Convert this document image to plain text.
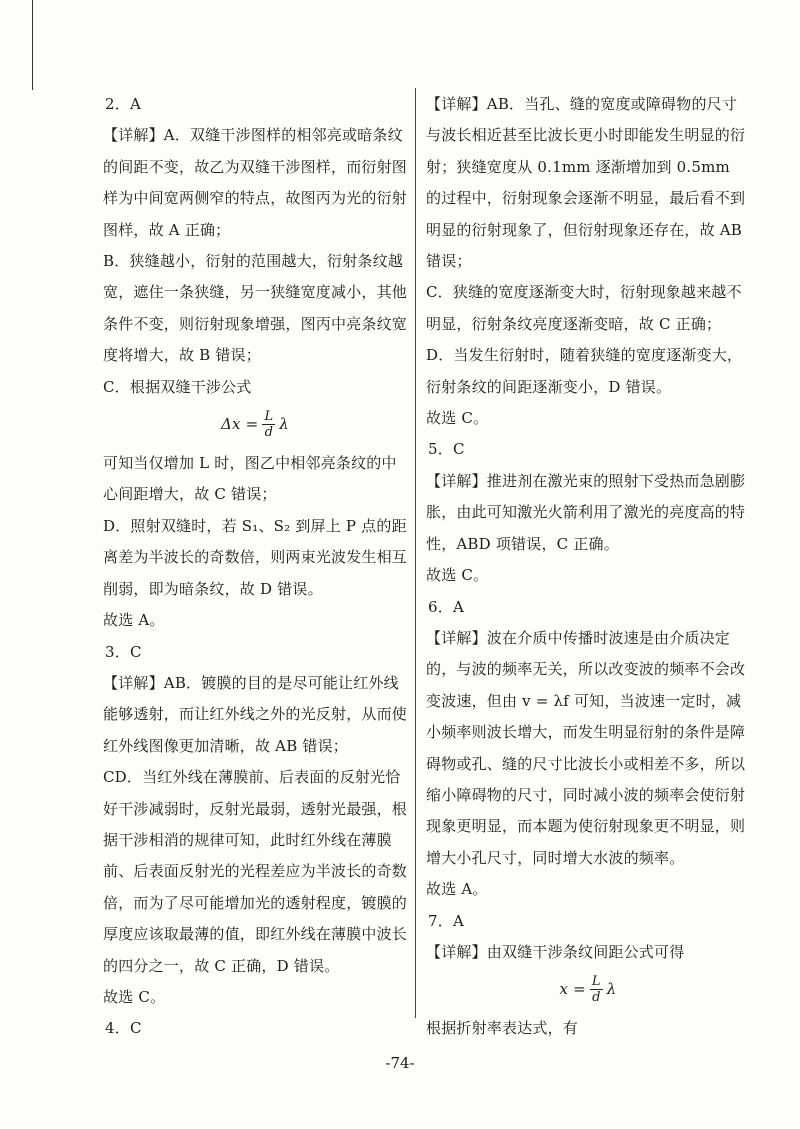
2．A

【详解】A．双缝干涉图样的相邻亮或暗条纹的间距不变，故乙为双缝干涉图样，而衍射图样为中间宽两侧窄的特点，故图丙为光的衍射图样，故 A 正确；

B．狭缝越小，衍射的范围越大，衍射条纹越宽，遮住一条狭缝，另一狭缝宽度减小，其他条件不变，则衍射现象增强，图丙中亮条纹宽度将增大，故 B 错误；

C．根据双缝干涉公式

$\Delta x = \frac{L}{d}$ λ

可知当仅增加 L 时，图乙中相邻亮条纹的中心间距增大，故 C 错误；

D．照射双缝时，若 S₁、S₂ 到屏上 P 点的距离差为半波长的奇数倍，则两束光波发生相互削弱，即为暗条纹，故 D 错误。

故选 A。

3．C

【详解】AB．镀膜的目的是尽可能让红外线能够透射，而让红外线之外的光反射，从而使红外线图像更加清晰，故 AB 错误；

CD．当红外线在薄膜前、后表面的反射光恰好干涉减弱时，反射光最弱，透射光最强，根据干涉相消的规律可知，此时红外线在薄膜前、后表面反射光的光程差应为半波长的奇数倍，而为了尽可能增加光的透射程度，镀膜的厚度应该取最薄的值，即红外线在薄膜中波长的四分之一，故 C 正确，D 错误。

故选 C。

4．C

【详解】AB．当孔、缝的宽度或障碍物的尺寸与波长相近甚至比波长更小时即能发生明显的衍射；狭缝宽度从 0.1mm 逐渐增加到 0.5mm 的过程中，衍射现象会逐渐不明显，最后看不到明显的衍射现象了，但衍射现象还存在，故 AB 错误；

C．狭缝的宽度逐渐变大时，衍射现象越来越不明显，衍射条纹亮度逐渐变暗，故 C 正确；

D．当发生衍射时，随着狭缝的宽度逐渐变大，衍射条纹的间距逐渐变小，D 错误。

故选 C。

5．C

【详解】推进剂在激光束的照射下受热而急剧膨胀，由此可知激光火箭利用了激光的亮度高的特性，ABD 项错误，C 正确。

故选 C。

6．A

【详解】波在介质中传播时波速是由介质决定的，与波的频率无关，所以改变波的频率不会改变波速，但由 v = λf 可知，当波速一定时，减小频率则波长增大，而发生明显衍射的条件是障碍物或孔、缝的尺寸比波长小或相差不多，所以缩小障碍物的尺寸，同时减小波的频率会使衍射现象更明显，而本题为使衍射现象更不明显，则增大小孔尺寸，同时增大水波的频率。

故选 A。

7．A

【详解】由双缝干涉条纹间距公式可得

$x = \frac{L}{d}$ λ

根据折射率表达式，有

-74-
